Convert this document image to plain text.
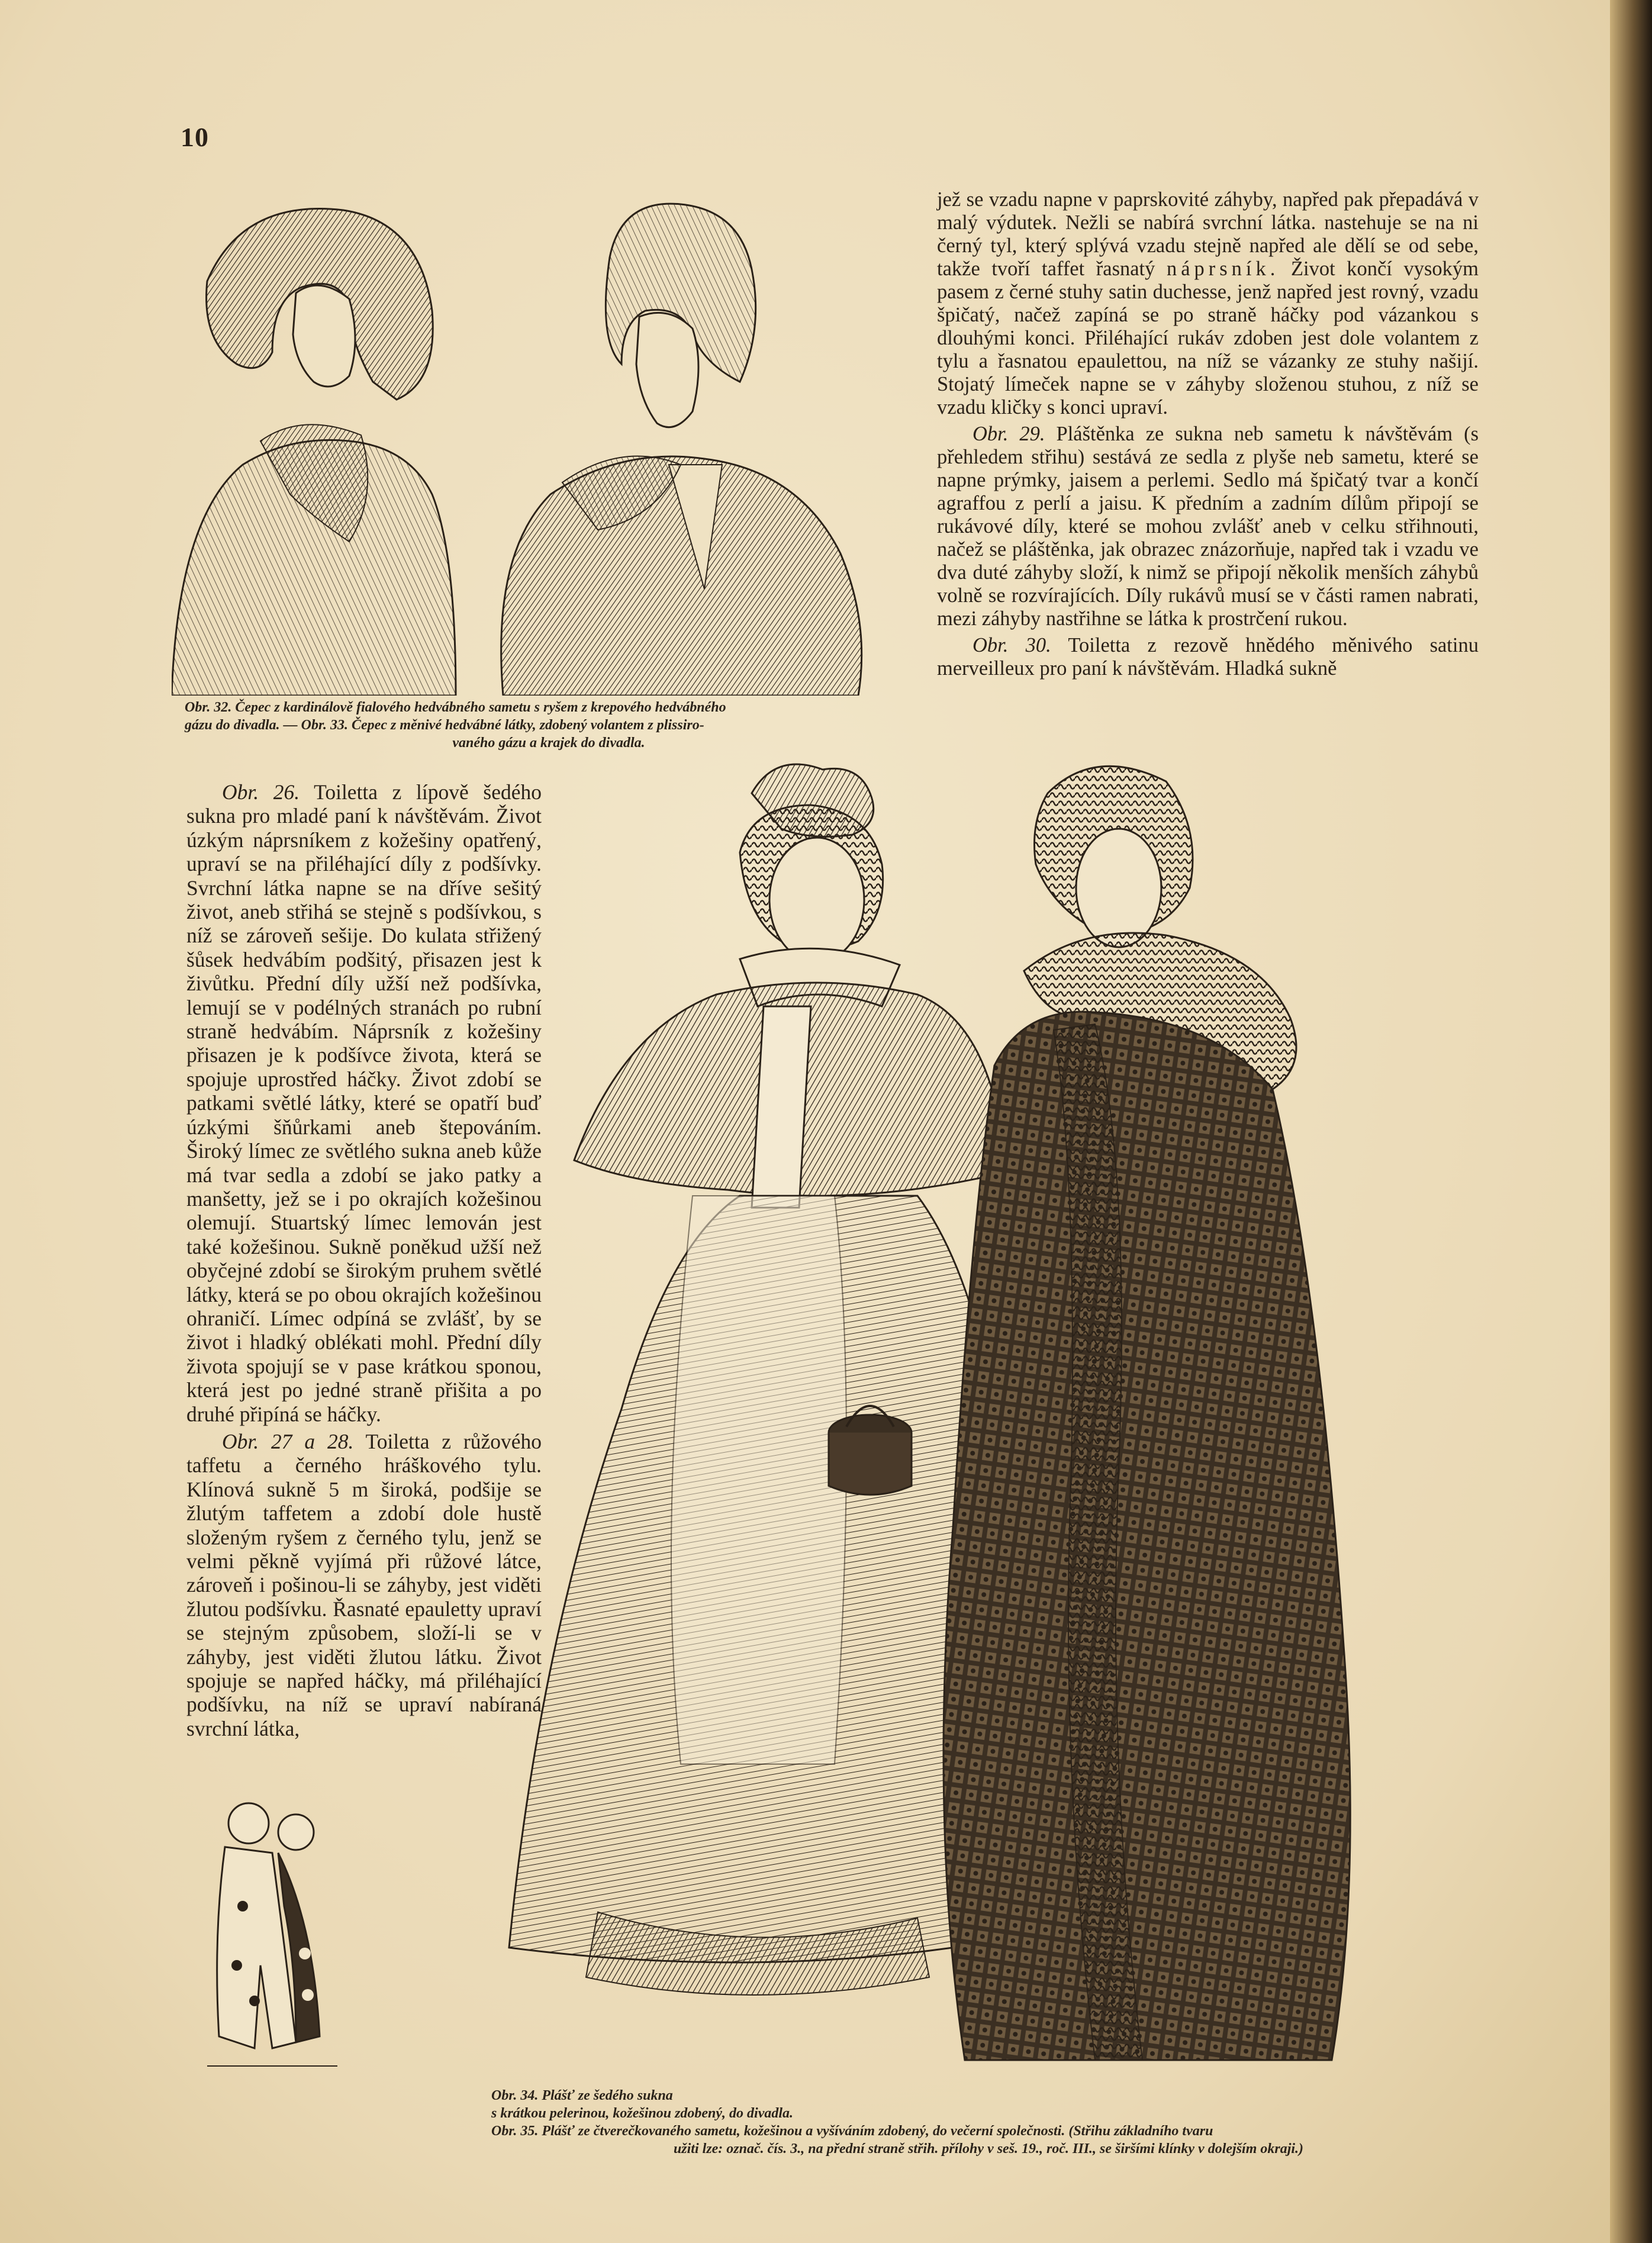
10

jež se vzadu napne v paprskovité záhyby, napřed pak přepadává v malý výdutek. Nežli se nabírá svrchní látka. nastehuje se na ni černý tyl, který splývá vzadu stejně napřed ale dělí se od sebe, takže tvoří taffet řasnatý náprsník. Život končí vysokým pasem z černé stuhy satin duchesse, jenž napřed jest rovný, vzadu špičatý, načež zapíná se po straně háčky pod vázankou s dlouhými konci. Přiléhající rukáv zdoben jest dole volantem z tylu a řasnatou epaulettou, na níž se vázanky ze stuhy našijí. Stojatý límeček napne se v záhyby složenou stuhou, z níž se vzadu kličky s konci upraví.

Obr. 29. Pláštěnka ze sukna neb sametu k návštěvám (s přehledem střihu) sestává ze sedla z plyše neb sametu, které se napne prýmky, jaisem a perlemi. Sedlo má špičatý tvar a končí agraffou z perlí a jaisu. K předním a zadním dílům připojí se rukávové díly, které se mohou zvlášť aneb v celku střihnouti, načež se pláštěnka, jak obrazec znázorňuje, napřed tak i vzadu ve dva duté záhyby složí, k nimž se připojí několik menších záhybů volně se rozvírajících. Díly rukávů musí se v části ramen nabrati, mezi záhyby nastřihne se látka k prostrčení rukou.

Obr. 30. Toiletta z rezově hnědého měnivého satinu merveilleux pro paní k návštěvám. Hladká sukně

Obr. 32. Čepec z kardinálově fialového hedvábného sametu s ryšem z krepového hedvábného
gázu do divadla. — Obr. 33. Čepec z měnivé hedvábné látky, zdobený volantem z plissiro-
vaného gázu a krajek do divadla.

Obr. 26. Toiletta z lípově šedého sukna pro mladé paní k návštěvám. Život úzkým náprsníkem z kožešiny opatřený, upraví se na přiléhající díly z podšívky. Svrchní látka napne se na dříve sešitý život, aneb střihá se stejně s podšívkou, s níž se zároveň sešije. Do kulata střižený šůsek hedvábím podšitý, přisazen jest k živůtku. Přední díly užší než podšívka, lemují se v podélných stranách po rubní straně hedvábím. Náprsník z kožešiny přisazen je k podšívce života, která se spojuje uprostřed háčky. Život zdobí se patkami světlé látky, které se opatří buď úzkými šňůrkami aneb štepováním. Široký límec ze světlého sukna aneb kůže má tvar sedla a zdobí se jako patky a manšetty, jež se i po okrajích kožešinou olemují. Stuartský límec lemován jest také kožešinou. Sukně poněkud užší než obyčejné zdobí se širokým pruhem světlé látky, která se po obou okrajích kožešinou ohraničí. Límec odpíná se zvlášť, by se život i hladký oblékati mohl. Přední díly života spojují se v pase krátkou sponou, která jest po jedné straně přišita a po druhé připíná se háčky.

Obr. 27 a 28. Toiletta z růžového taffetu a černého hráškového tylu. Klínová sukně 5 m široká, podšije se žlutým taffetem a zdobí dole hustě složeným ryšem z černého tylu, jenž se velmi pěkně vyjímá při růžové látce, zároveň i pošinou-li se záhyby, jest viděti žlutou podšívku. Řasnaté epauletty upraví se stejným způsobem, složí-li se v záhyby, jest viděti žlutou látku. Život spojuje se napřed háčky, má přiléhající podšívku, na níž se upraví nabíraná svrchní látka,

Obr. 34. Plášť ze šedého sukna
s krátkou pelerinou, kožešinou zdobený, do divadla.
Obr. 35. Plášť ze čtverečkovaného sametu, kožešinou a vyšíváním zdobený, do večerní společnosti. (Střihu základního tvaru
užiti lze: označ. čís. 3., na přední straně střih. přílohy v seš. 19., roč. III., se širšími klínky v dolejším okraji.)
